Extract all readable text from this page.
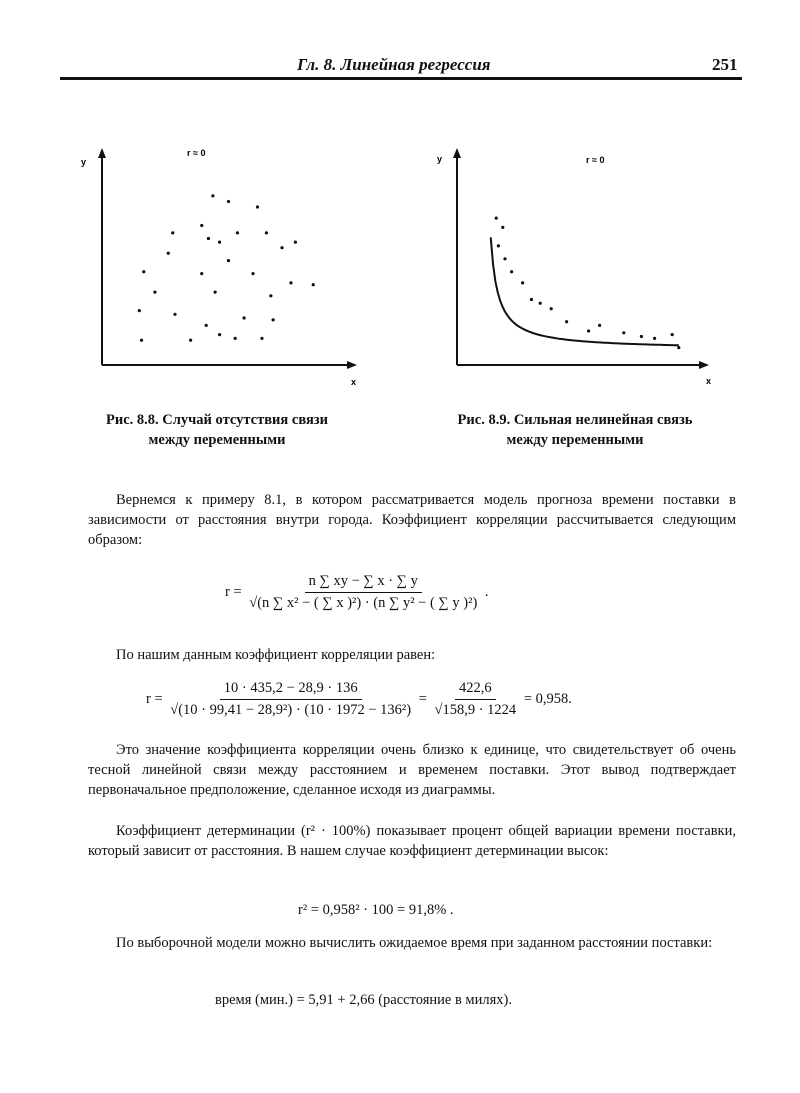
Гл. 8. Линейная регрессия	251
y
x
r ≈ 0
Рис. 8.8. Случай отсутствия связи
между переменными
y
x
r ≈ 0
Рис. 8.9. Сильная нелинейная связь
между переменными
Вернемся к примеру 8.1, в котором рассматривается модель прогноза времени поставки в зависимости от расстояния внутри города. Коэффициент корреляции рассчитывается следующим образом:
$r = \frac{n \sum xy - \sum x \cdot \sum y}{\text{√(n ∑ x² − ( ∑ x )²) · (n ∑ y² − ( ∑ y )²)}}$ .
По нашим данным коэффициент корреляции равен:
$r = \frac{10 \cdot 435,2 - 28,9 \cdot 136}{\text{√(10 · 99,41 − 28,9²) · (10 · 1972 − 136²)}} = \frac{422,6}{√158,9 \cdot 1224} = 0,958$.
Это значение коэффициента корреляции очень близко к единице, что свидетельствует об очень тесной линейной связи между расстоянием и временем поставки. Этот вывод подтверждает первоначальное предположение, сделанное исходя из диаграммы.
Коэффициент детерминации (r² · 100%) показывает процент общей вариации времени поставки, который зависит от расстояния. В нашем случае коэффициент детерминации высок:
r² = 0,958² · 100 = 91,8% .
По выборочной модели можно вычислить ожидаемое время при заданном расстоянии поставки:
время (мин.) = 5,91 + 2,66 (расстояние в милях).
